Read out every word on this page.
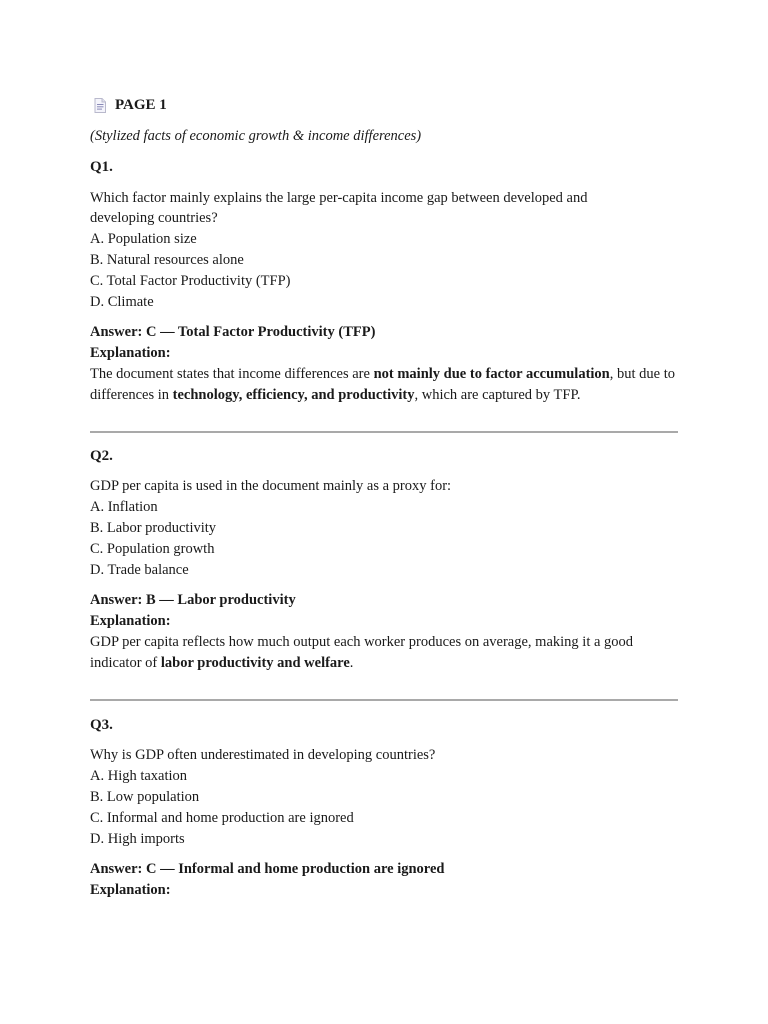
PAGE 1
(Stylized facts of economic growth & income differences)
Q1.
Which factor mainly explains the large per-capita income gap between developed and
developing countries?
A. Population size
B. Natural resources alone
C. Total Factor Productivity (TFP)
D. Climate
Answer: C — Total Factor Productivity (TFP)
Explanation:
The document states that income differences are not mainly due to factor accumulation, but due to differences in technology, efficiency, and productivity, which are captured by TFP.
Q2.
GDP per capita is used in the document mainly as a proxy for:
A. Inflation
B. Labor productivity
C. Population growth
D. Trade balance
Answer: B — Labor productivity
Explanation:
GDP per capita reflects how much output each worker produces on average, making it a good indicator of labor productivity and welfare.
Q3.
Why is GDP often underestimated in developing countries?
A. High taxation
B. Low population
C. Informal and home production are ignored
D. High imports
Answer: C — Informal and home production are ignored
Explanation:
